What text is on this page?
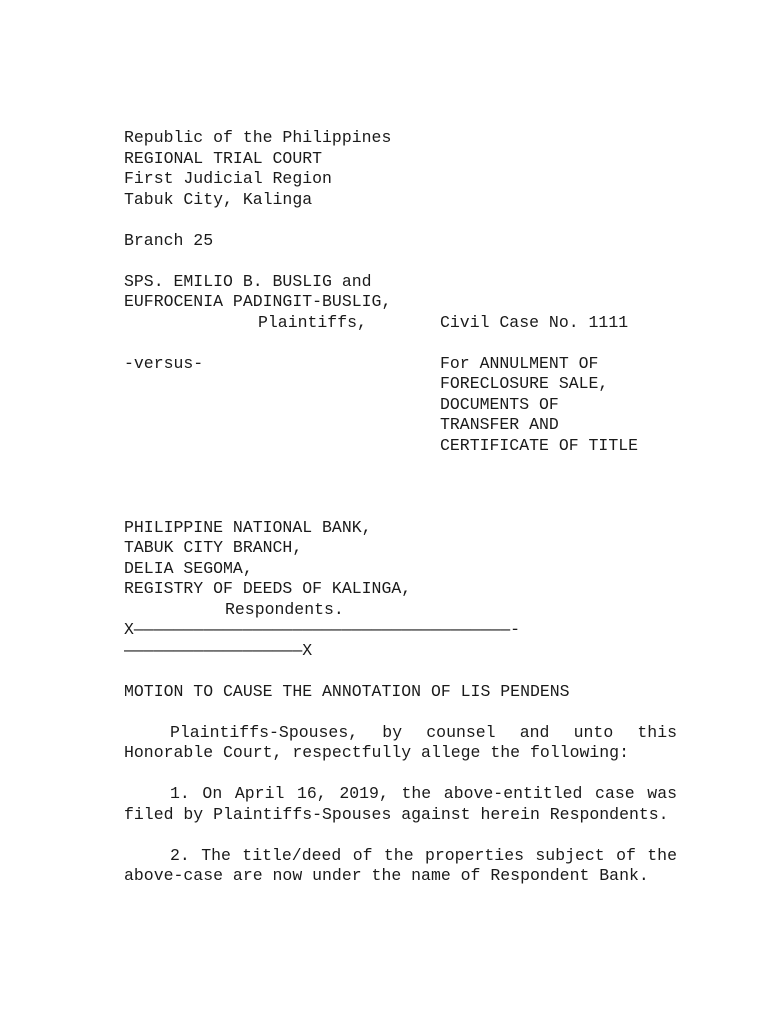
Republic of the Philippines
REGIONAL TRIAL COURT
First Judicial Region
Tabuk City, Kalinga
Branch 25
SPS. EMILIO B. BUSLIG and
EUFROCENIA PADINGIT-BUSLIG,
Plaintiffs,	Civil Case No. 1111
-versus-	For ANNULMENT OF
FORECLOSURE SALE,
DOCUMENTS OF
TRANSFER AND
CERTIFICATE OF TITLE
PHILIPPINE NATIONAL BANK,
TABUK CITY BRANCH,
DELIA SEGOMA,
REGISTRY OF DEEDS OF KALINGA,
Respondents.
X——————————————————————————————————————-
——————————————————X
MOTION TO CAUSE THE ANNOTATION OF LIS PENDENS
Plaintiffs-Spouses, by counsel and unto this Honorable Court, respectfully allege the following:
1. On April 16, 2019, the above-entitled case was filed by Plaintiffs-Spouses against herein Respondents.
2. The title/deed of the properties subject of the above-case are now under the name of Respondent Bank.
